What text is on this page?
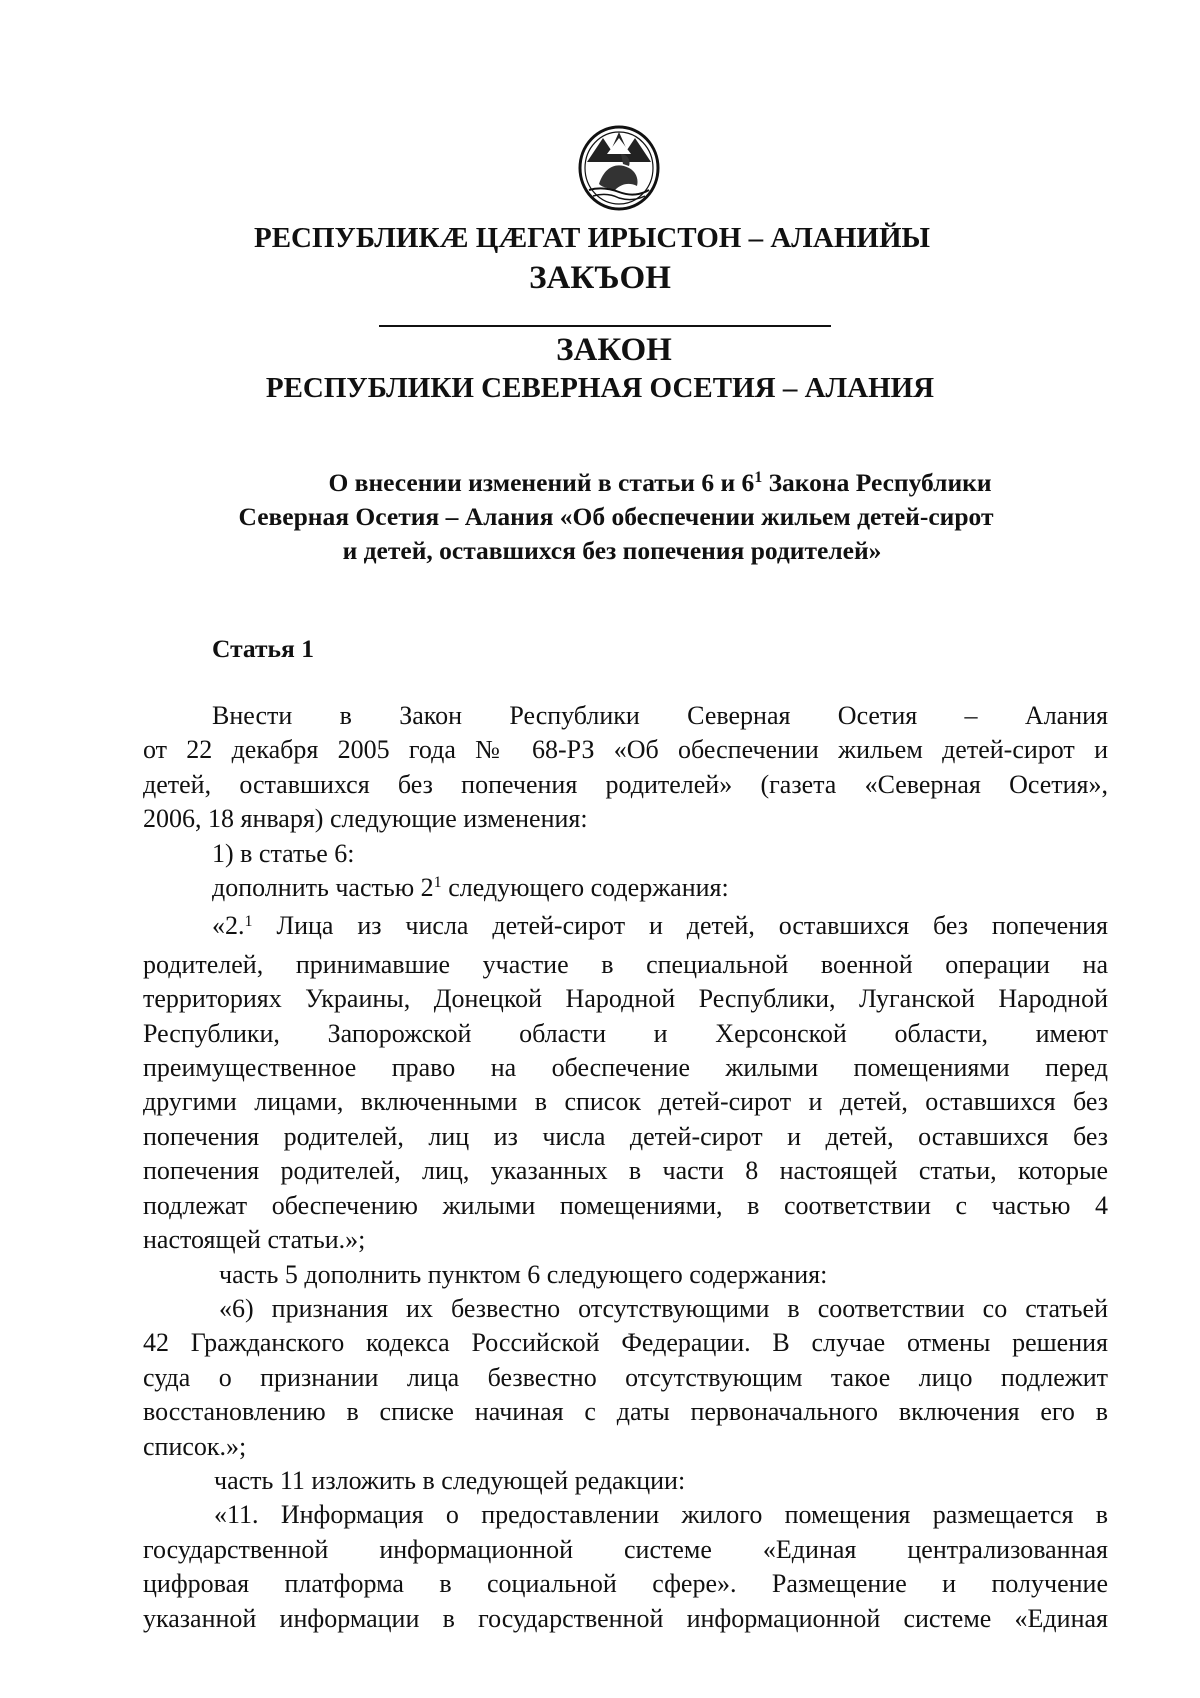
РЕСПУБЛИКÆ ЦÆГАТ ИРЫСТОН – АЛАНИЙЫ
ЗАКЪОН
ЗАКОН
РЕСПУБЛИКИ СЕВЕРНАЯ ОСЕТИЯ – АЛАНИЯ
О внесении изменений в статьи 6 и $6^1$ Закона Республики
Северная Осетия – Алания «Об обеспечении жильем детей-сирот
и детей, оставшихся без попечения родителей»
Статья 1

Внести в Закон Республики Северная Осетия – Алания

от 22 декабря 2005 года № 68-РЗ «Об обеспечении жильем детей-сирот и

детей, оставшихся без попечения родителей» (газета «Северная Осетия»,

2006, 18 января) следующие изменения:

1) в статье 6:

дополнить частью $2^1$ следующего содержания:

«2.$^1$ Лица из числа детей-сирот и детей, оставшихся без попечения

родителей, принимавшие участие в специальной военной операции на

территориях Украины, Донецкой Народной Республики, Луганской Народной

Республики, Запорожской области и Херсонской области, имеют

преимущественное право на обеспечение жилыми помещениями перед

другими лицами, включенными в список детей-сирот и детей, оставшихся без

попечения родителей, лиц из числа детей-сирот и детей, оставшихся без

попечения родителей, лиц, указанных в части 8 настоящей статьи, которые

подлежат обеспечению жилыми помещениями, в соответствии с частью 4

настоящей статьи.»;

часть 5 дополнить пунктом 6 следующего содержания:

«6) признания их безвестно отсутствующими в соответствии со статьей

42 Гражданского кодекса Российской Федерации. В случае отмены решения

суда о признании лица безвестно отсутствующим такое лицо подлежит

восстановлению в списке начиная с даты первоначального включения его в

список.»;

часть 11 изложить в следующей редакции:

«11. Информация о предоставлении жилого помещения размещается в

государственной информационной системе «Единая централизованная

цифровая платформа в социальной сфере». Размещение и получение

указанной информации в государственной информационной системе «Единая
